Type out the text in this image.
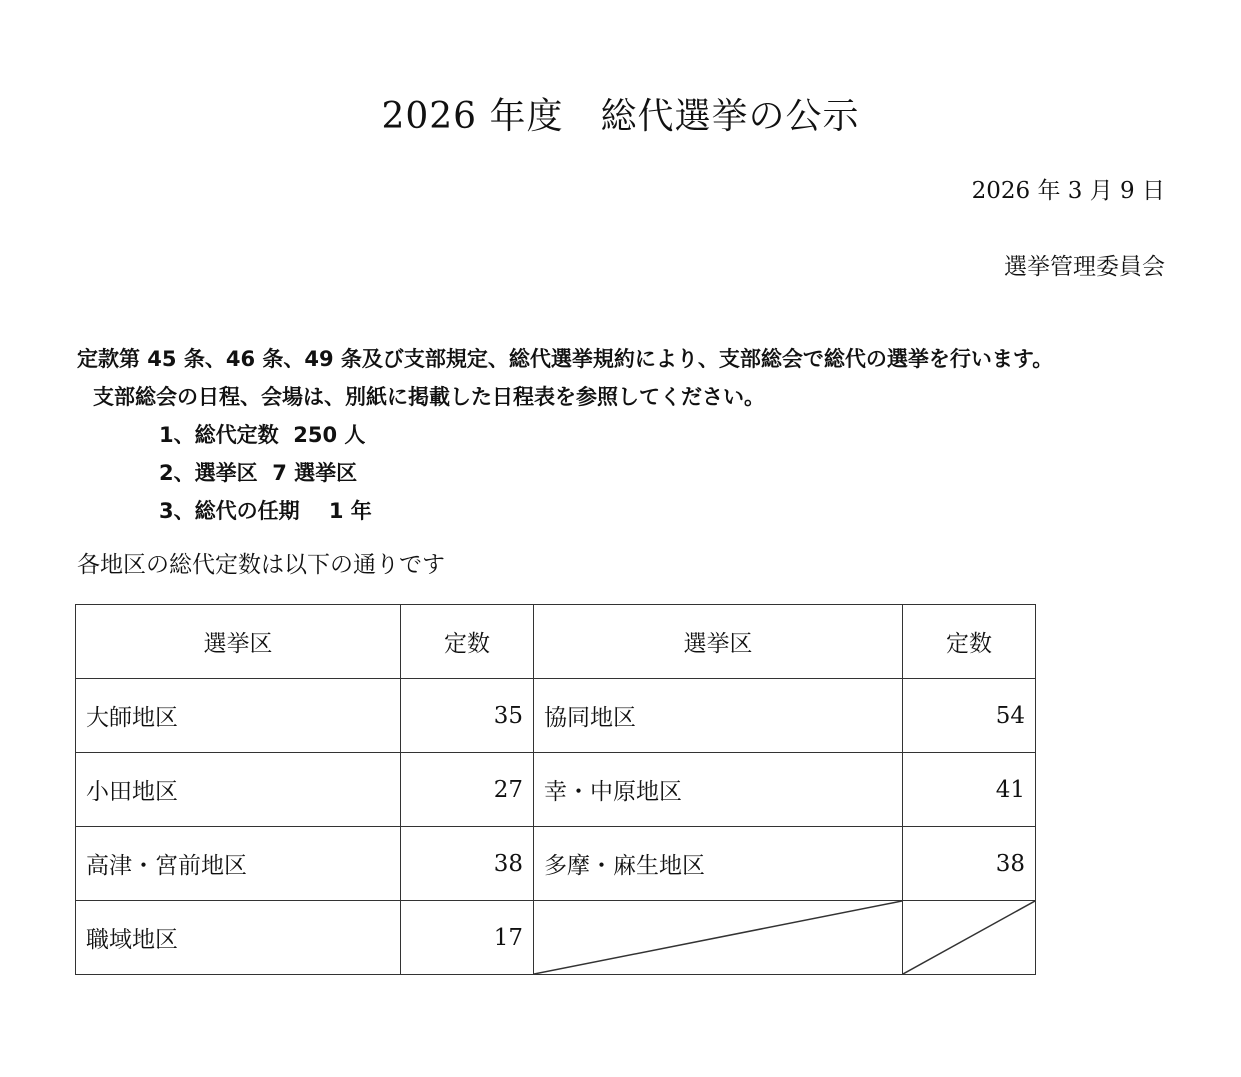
2026 年度　総代選挙の公示
2026 年 3 月 9 日
選挙管理委員会
定款第 45 条、46 条、49 条及び支部規定、総代選挙規約により、支部総会で総代の選挙を行います。
支部総会の日程、会場は、別紙に掲載した日程表を参照してください。
1、総代定数  250 人
2、選挙区  7 選挙区
3、総代の任期    1 年
各地区の総代定数は以下の通りです
選挙区	定数	選挙区	定数
大師地区	35	協同地区	54
小田地区	27	幸・中原地区	41
高津・宮前地区	38	多摩・麻生地区	38
職域地区	17	
